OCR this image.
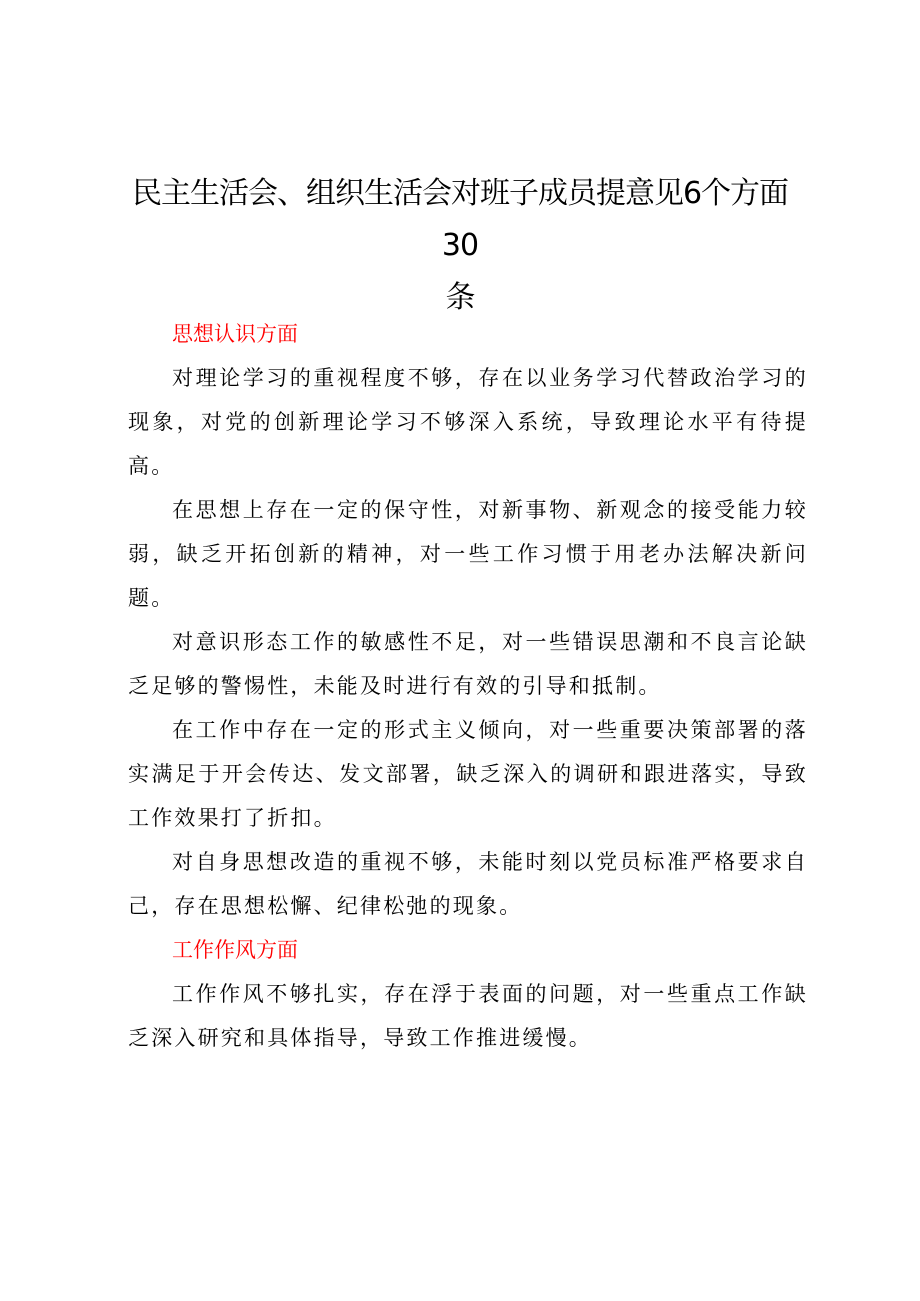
民主生活会、组织生活会对班子成员提意见6个方面30
条

思想认识方面

对理论学习的重视程度不够，存在以业务学习代替政治学习的现象，对党的创新理论学习不够深入系统，导致理论水平有待提高。

在思想上存在一定的保守性，对新事物、新观念的接受能力较弱，缺乏开拓创新的精神，对一些工作习惯于用老办法解决新问题。

对意识形态工作的敏感性不足，对一些错误思潮和不良言论缺乏足够的警惕性，未能及时进行有效的引导和抵制。

在工作中存在一定的形式主义倾向，对一些重要决策部署的落实满足于开会传达、发文部署，缺乏深入的调研和跟进落实，导致工作效果打了折扣。

对自身思想改造的重视不够，未能时刻以党员标准严格要求自己，存在思想松懈、纪律松弛的现象。

工作作风方面

工作作风不够扎实，存在浮于表面的问题，对一些重点工作缺乏深入研究和具体指导，导致工作推进缓慢。
